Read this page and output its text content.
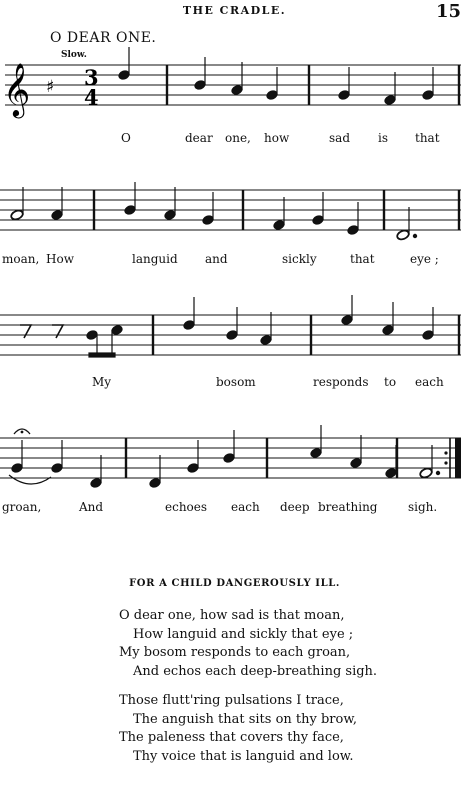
THE CRADLE.	15
O DEAR ONE.
Slow.
𝄞 ♯ 3
4
O	dear one, how	sad is that
moan, How	languid and	sickly	that	eye ;
My	bosom	responds to each
groan,	And	echoes each deep breathing	sigh.
FOR A CHILD DANGEROUSLY ILL.
O dear one, how sad is that moan,
How languid and sickly that eye ;
My bosom responds to each groan,
And echos each deep-breathing sigh.
Those flutt'ring pulsations I trace,
The anguish that sits on thy brow,
The paleness that covers thy face,
Thy voice that is languid and low.
